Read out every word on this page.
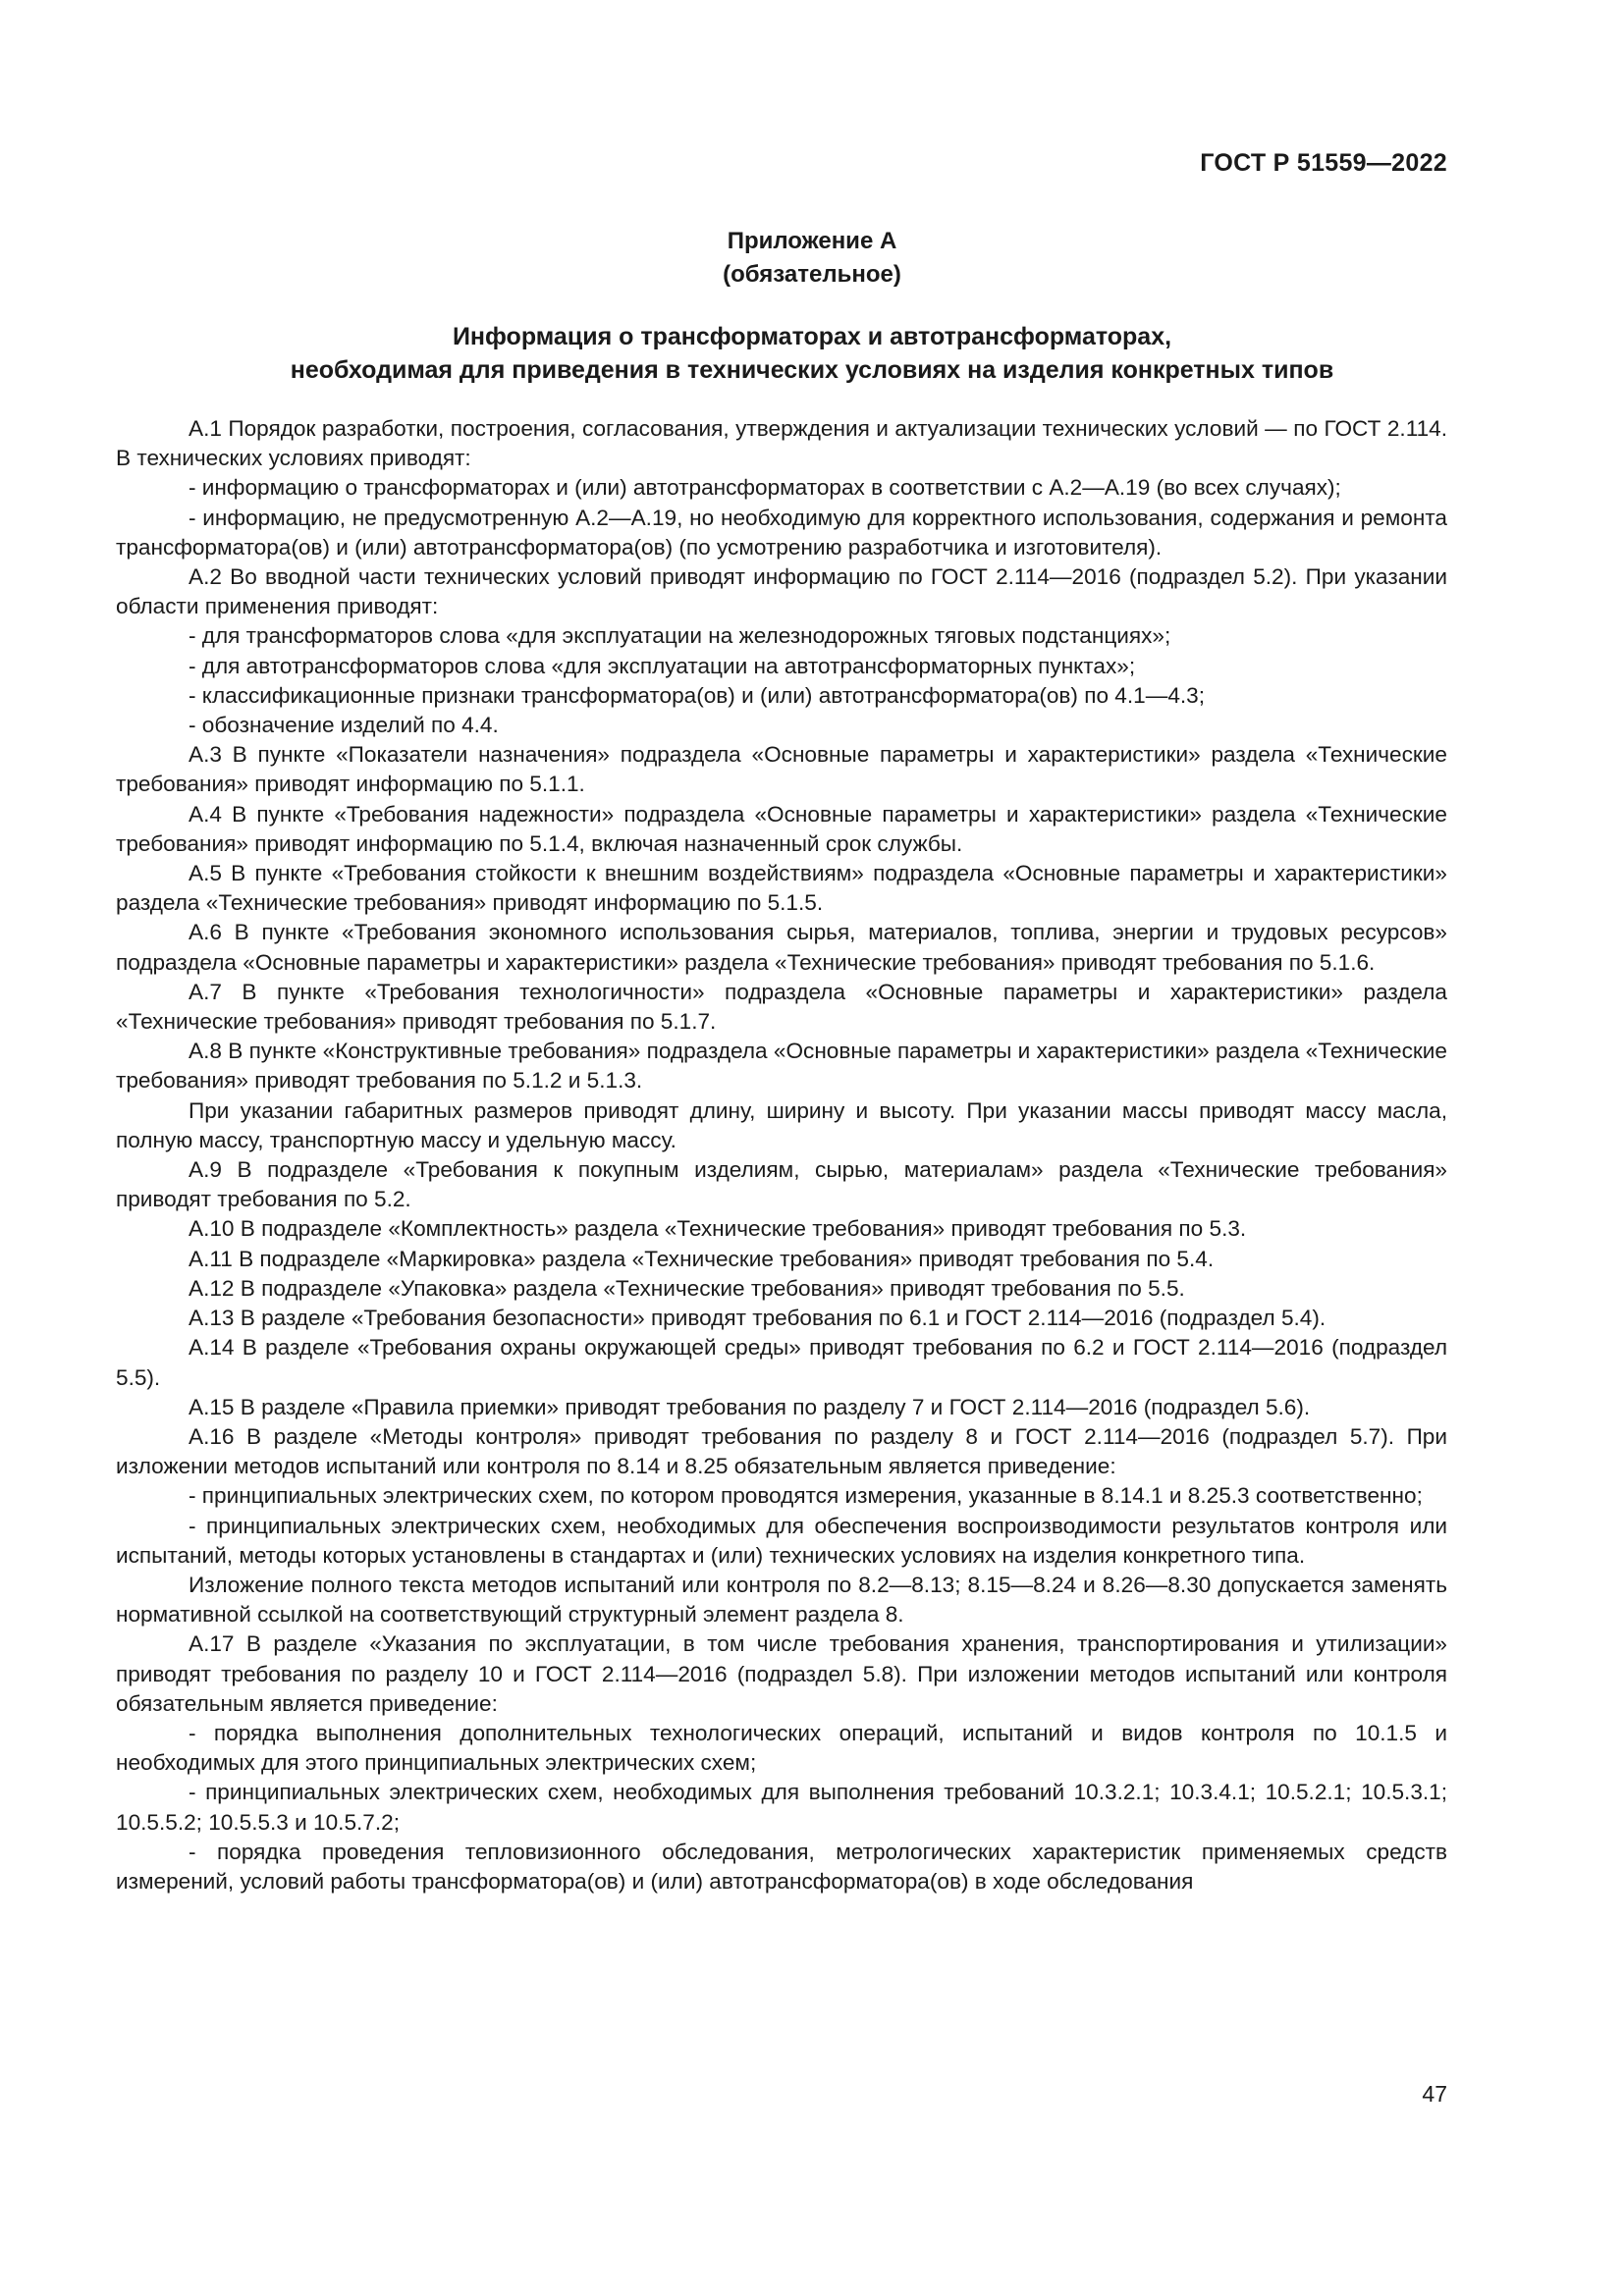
ГОСТ Р 51559—2022
Приложение А
(обязательное)
Информация о трансформаторах и автотрансформаторах,
необходимая для приведения в технических условиях на изделия конкретных типов

А.1 Порядок разработки, построения, согласования, утверждения и актуализации технических условий — по ГОСТ 2.114. В технических условиях приводят:

- информацию о трансформаторах и (или) автотрансформаторах в соответствии с А.2—А.19 (во всех случаях);

- информацию, не предусмотренную А.2—А.19, но необходимую для корректного использования, содержания и ремонта трансформатора(ов) и (или) автотрансформатора(ов) (по усмотрению разработчика и изготовителя).

А.2 Во вводной части технических условий приводят информацию по ГОСТ 2.114—2016 (подраздел 5.2). При указании области применения приводят:

- для трансформаторов слова «для эксплуатации на железнодорожных тяговых подстанциях»;

- для автотрансформаторов слова «для эксплуатации на автотрансформаторных пунктах»;

- классификационные признаки трансформатора(ов) и (или) автотрансформатора(ов) по 4.1—4.3;

- обозначение изделий по 4.4.

А.3 В пункте «Показатели назначения» подраздела «Основные параметры и характеристики» раздела «Технические требования» приводят информацию по 5.1.1.

А.4 В пункте «Требования надежности» подраздела «Основные параметры и характеристики» раздела «Технические требования» приводят информацию по 5.1.4, включая назначенный срок службы.

А.5 В пункте «Требования стойкости к внешним воздействиям» подраздела «Основные параметры и характеристики» раздела «Технические требования» приводят информацию по 5.1.5.

А.6 В пункте «Требования экономного использования сырья, материалов, топлива, энергии и трудовых ресурсов» подраздела «Основные параметры и характеристики» раздела «Технические требования» приводят требования по 5.1.6.

А.7 В пункте «Требования технологичности» подраздела «Основные параметры и характеристики» раздела «Технические требования» приводят требования по 5.1.7.

А.8 В пункте «Конструктивные требования» подраздела «Основные параметры и характеристики» раздела «Технические требования» приводят требования по 5.1.2 и 5.1.3.

При указании габаритных размеров приводят длину, ширину и высоту. При указании массы приводят массу масла, полную массу, транспортную массу и удельную массу.

А.9 В подразделе «Требования к покупным изделиям, сырью, материалам» раздела «Технические требования» приводят требования по 5.2.

А.10 В подразделе «Комплектность» раздела «Технические требования» приводят требования по 5.3.

А.11 В подразделе «Маркировка» раздела «Технические требования» приводят требования по 5.4.

А.12 В подразделе «Упаковка» раздела «Технические требования» приводят требования по 5.5.

А.13 В разделе «Требования безопасности» приводят требования по 6.1 и ГОСТ 2.114—2016 (подраздел 5.4).

А.14 В разделе «Требования охраны окружающей среды» приводят требования по 6.2 и ГОСТ 2.114—2016 (подраздел 5.5).

А.15 В разделе «Правила приемки» приводят требования по разделу 7 и ГОСТ 2.114—2016 (подраздел 5.6).

А.16 В разделе «Методы контроля» приводят требования по разделу 8 и ГОСТ 2.114—2016 (подраздел 5.7). При изложении методов испытаний или контроля по 8.14 и 8.25 обязательным является приведение:

- принципиальных электрических схем, по котором проводятся измерения, указанные в 8.14.1 и 8.25.3 соответственно;

- принципиальных электрических схем, необходимых для обеспечения воспроизводимости результатов контроля или испытаний, методы которых установлены в стандартах и (или) технических условиях на изделия конкретного типа.

Изложение полного текста методов испытаний или контроля по 8.2—8.13; 8.15—8.24 и 8.26—8.30 допускается заменять нормативной ссылкой на соответствующий структурный элемент раздела 8.

А.17 В разделе «Указания по эксплуатации, в том числе требования хранения, транспортирования и утилизации» приводят требования по разделу 10 и ГОСТ 2.114—2016 (подраздел 5.8). При изложении методов испытаний или контроля обязательным является приведение:

- порядка выполнения дополнительных технологических операций, испытаний и видов контроля по 10.1.5 и необходимых для этого принципиальных электрических схем;

- принципиальных электрических схем, необходимых для выполнения требований 10.3.2.1; 10.3.4.1; 10.5.2.1; 10.5.3.1; 10.5.5.2; 10.5.5.3 и 10.5.7.2;

- порядка проведения тепловизионного обследования, метрологических характеристик применяемых средств измерений, условий работы трансформатора(ов) и (или) автотрансформатора(ов) в ходе обследования

47
